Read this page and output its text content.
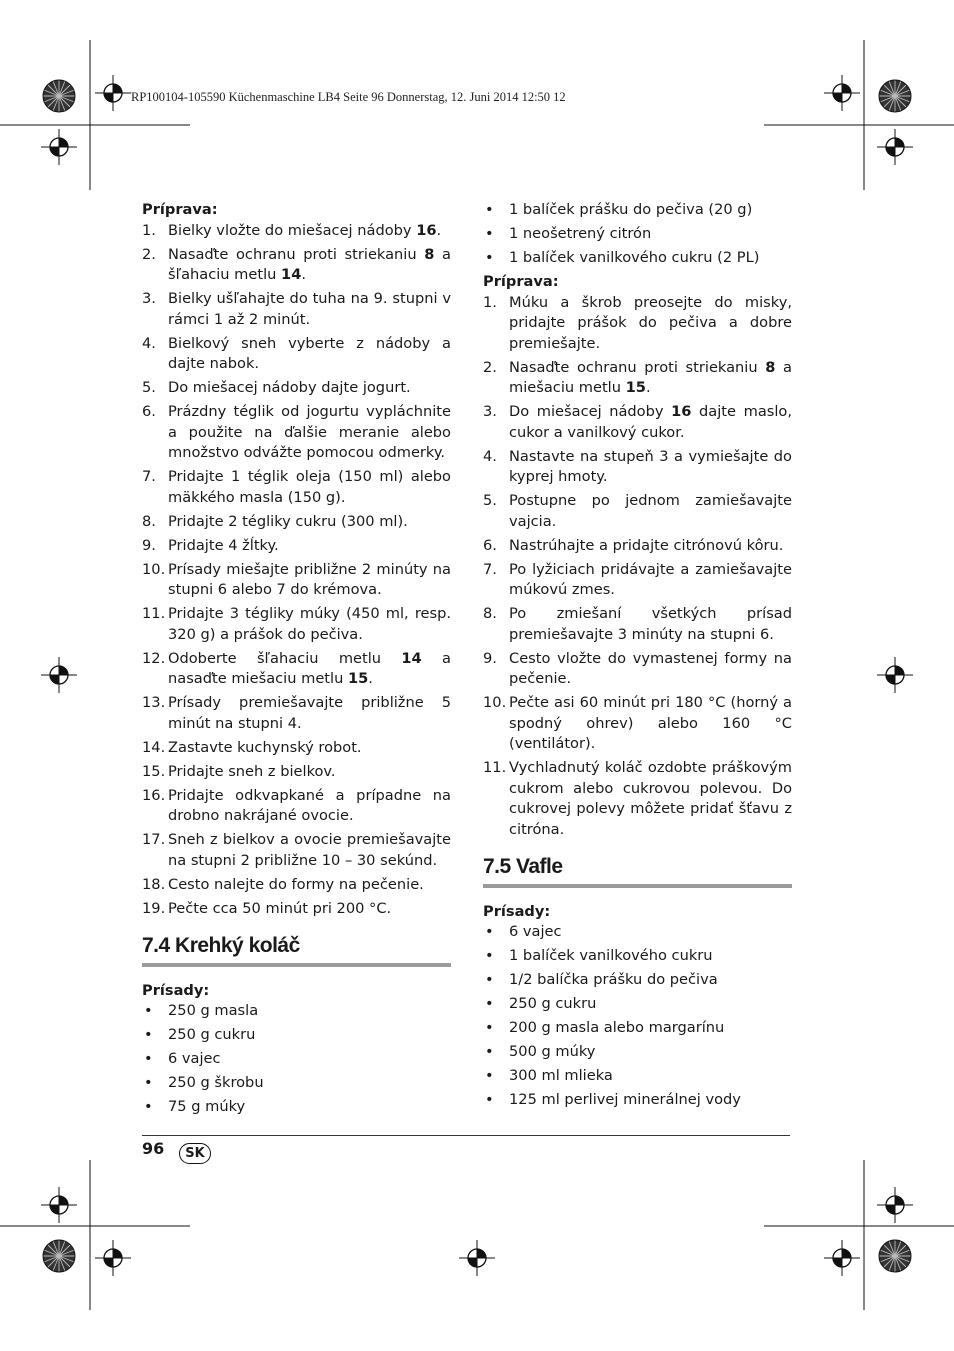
RP100104-105590 Küchenmaschine LB4 Seite 96 Donnerstag, 12. Juni 2014 12:50 12

Príprava:

1. Bielky vložte do miešacej nádoby 16.
2. Nasaďte ochranu proti striekaniu 8 a šľahaciu metlu 14.
3. Bielky ušľahajte do tuha na 9. stupni v rámci 1 až 2 minút.
4. Bielkový sneh vyberte z nádoby a dajte nabok.
5. Do miešacej nádoby dajte jogurt.
6. Prázdny téglik od jogurtu vypláchnite a použite na ďalšie meranie alebo množstvo odvážte pomocou odmerky.
7. Pridajte 1 téglik oleja (150 ml) alebo mäkkého masla (150 g).
8. Pridajte 2 tégliky cukru (300 ml).
9. Pridajte 4 žĺtky.
10. Prísady miešajte približne 2 minúty na stupni 6 alebo 7 do krémova.
11. Pridajte 3 tégliky múky (450 ml, resp. 320 g) a prášok do pečiva.
12. Odoberte šľahaciu metlu 14 a nasaďte miešaciu metlu 15.
13. Prísady premiešavajte približne 5 minút na stupni 4.
14. Zastavte kuchynský robot.
15. Pridajte sneh z bielkov.
16. Pridajte odkvapkané a prípadne na drobno nakrájané ovocie.
17. Sneh z bielkov a ovocie premiešavajte na stupni 2 približne 10 – 30 sekúnd.
18. Cesto nalejte do formy na pečenie.
19. Pečte cca 50 minút pri 200 °C.
7.4 Krehký koláč

Prísady:

• 250 g masla
• 250 g cukru
• 6 vajec
• 250 g škrobu
• 75 g múky
• 1 balíček prášku do pečiva (20 g)
• 1 neošetrený citrón
• 1 balíček vanilkového cukru (2 PL)

Príprava:

1. Múku a škrob preosejte do misky, pridajte prášok do pečiva a dobre premiešajte.
2. Nasaďte ochranu proti striekaniu 8 a miešaciu metlu 15.
3. Do miešacej nádoby 16 dajte maslo, cukor a vanilkový cukor.
4. Nastavte na stupeň 3 a vymiešajte do kyprej hmoty.
5. Postupne po jednom zamiešavajte vajcia.
6. Nastrúhajte a pridajte citrónovú kôru.
7. Po lyžiciach pridávajte a zamiešavajte múkovú zmes.
8. Po zmiešaní všetkých prísad premiešavajte 3 minúty na stupni 6.
9. Cesto vložte do vymastenej formy na pečenie.
10. Pečte asi 60 minút pri 180 °C (horný a spodný ohrev) alebo 160 °C (ventilátor).
11. Vychladnutý koláč ozdobte práškovým cukrom alebo cukrovou polevou. Do cukrovej polevy môžete pridať šťavu z citróna.
7.5 Vafle

Prísady:

• 6 vajec
• 1 balíček vanilkového cukru
• 1/2 balíčka prášku do pečiva
• 250 g cukru
• 200 g masla alebo margarínu
• 500 g múky
• 300 ml mlieka
• 125 ml perlivej minerálnej vody
96	SK
